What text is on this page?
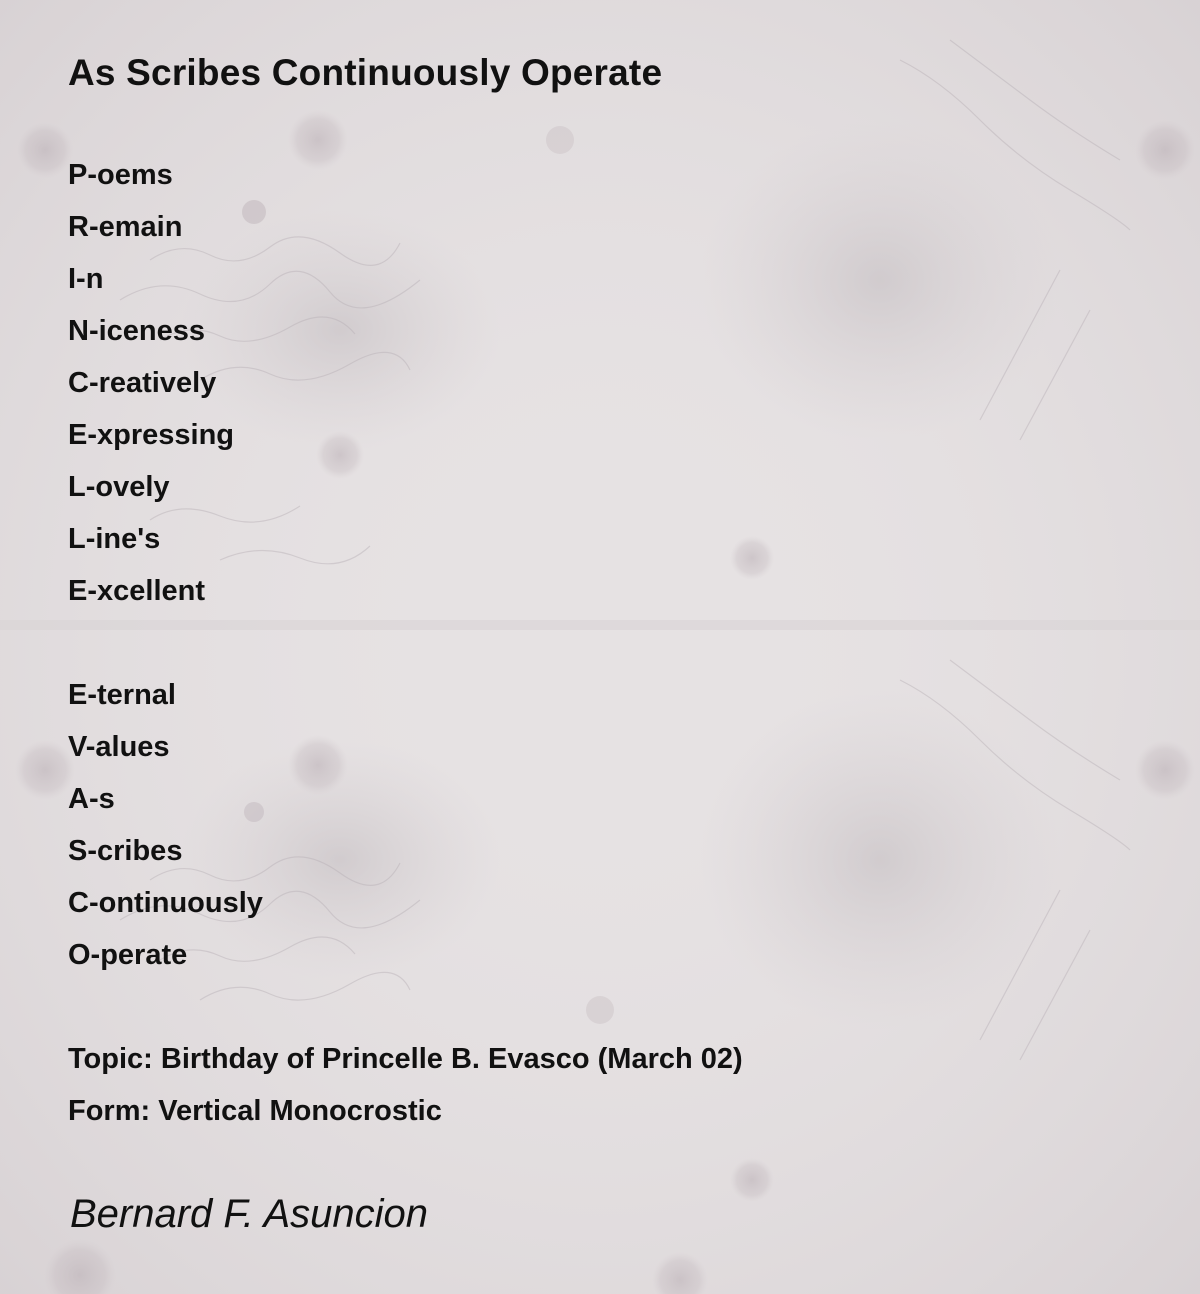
As Scribes Continuously Operate
P-oems
R-emain
I-n
N-iceness
C-reatively
E-xpressing
L-ovely
L-ine's
E-xcellent
E-ternal
V-alues
A-s
S-cribes
C-ontinuously
O-perate
Topic: Birthday of Princelle B. Evasco (March 02)
Form: Vertical Monocrostic

Bernard F. Asuncion
